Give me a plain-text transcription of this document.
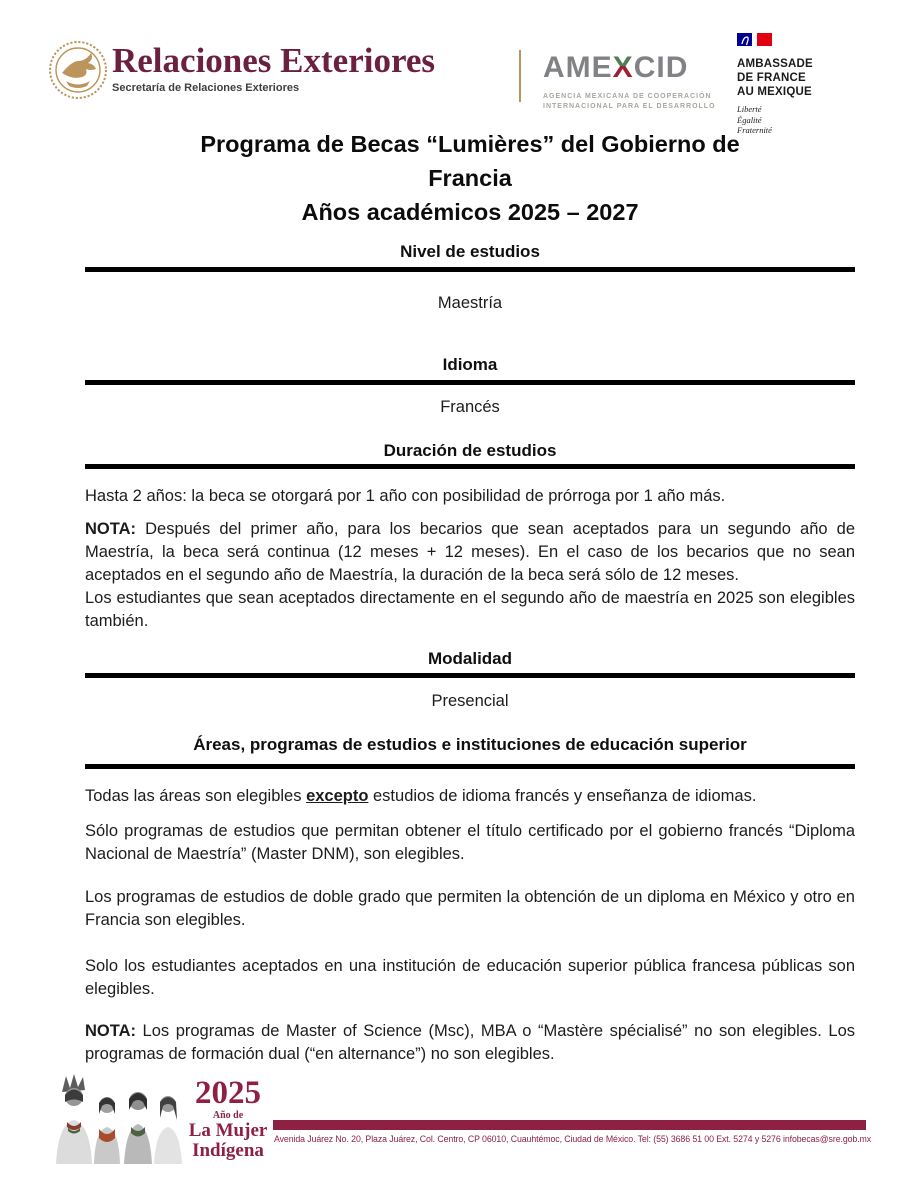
Relaciones Exteriores
Secretaría de Relaciones Exteriores
AMEXCID
AGENCIA MEXICANA DE COOPERACIÓN
INTERNACIONAL PARA EL DESARROLLO
AMBASSADE
DE FRANCE
AU MEXIQUE
Liberté
Égalité
Fraternité
Programa de Becas “Lumières” del Gobierno de
Francia
Años académicos 2025 – 2027
Nivel de estudios
Maestría
Idioma
Francés
Duración de estudios
Hasta 2 años: la beca se otorgará por 1 año con posibilidad de prórroga por 1 año más.

NOTA: Después del primer año, para los becarios que sean aceptados para un segundo año de Maestría, la beca será continua (12 meses + 12 meses). En el caso de los becarios que no sean aceptados en el segundo año de Maestría, la duración de la beca será sólo de 12 meses.

Los estudiantes que sean aceptados directamente en el segundo año de maestría en 2025 son elegibles también.

Modalidad
Presencial
Áreas, programas de estudios e instituciones de educación superior
Todas las áreas son elegibles excepto estudios de idioma francés y enseñanza de idiomas.
Sólo programas de estudios que permitan obtener el título certificado por el gobierno francés “Diploma Nacional de Maestría” (Master DNM), son elegibles.
Los programas de estudios de doble grado que permiten la obtención de un diploma en México y otro en Francia son elegibles.
Solo los estudiantes aceptados en una institución de educación superior pública francesa públicas son elegibles.
NOTA: Los programas de Master of Science (Msc), MBA o “Mastère spécialisé” no son elegibles. Los programas de formación dual (“en alternance”) no son elegibles.
2025
Año de
La Mujer
Indígena
Avenida Juárez No. 20, Plaza Juárez, Col. Centro, CP 06010, Cuauhtémoc, Ciudad de México. Tel: (55) 3686 51 00 Ext. 5274 y 5276 infobecas@sre.gob.mx
